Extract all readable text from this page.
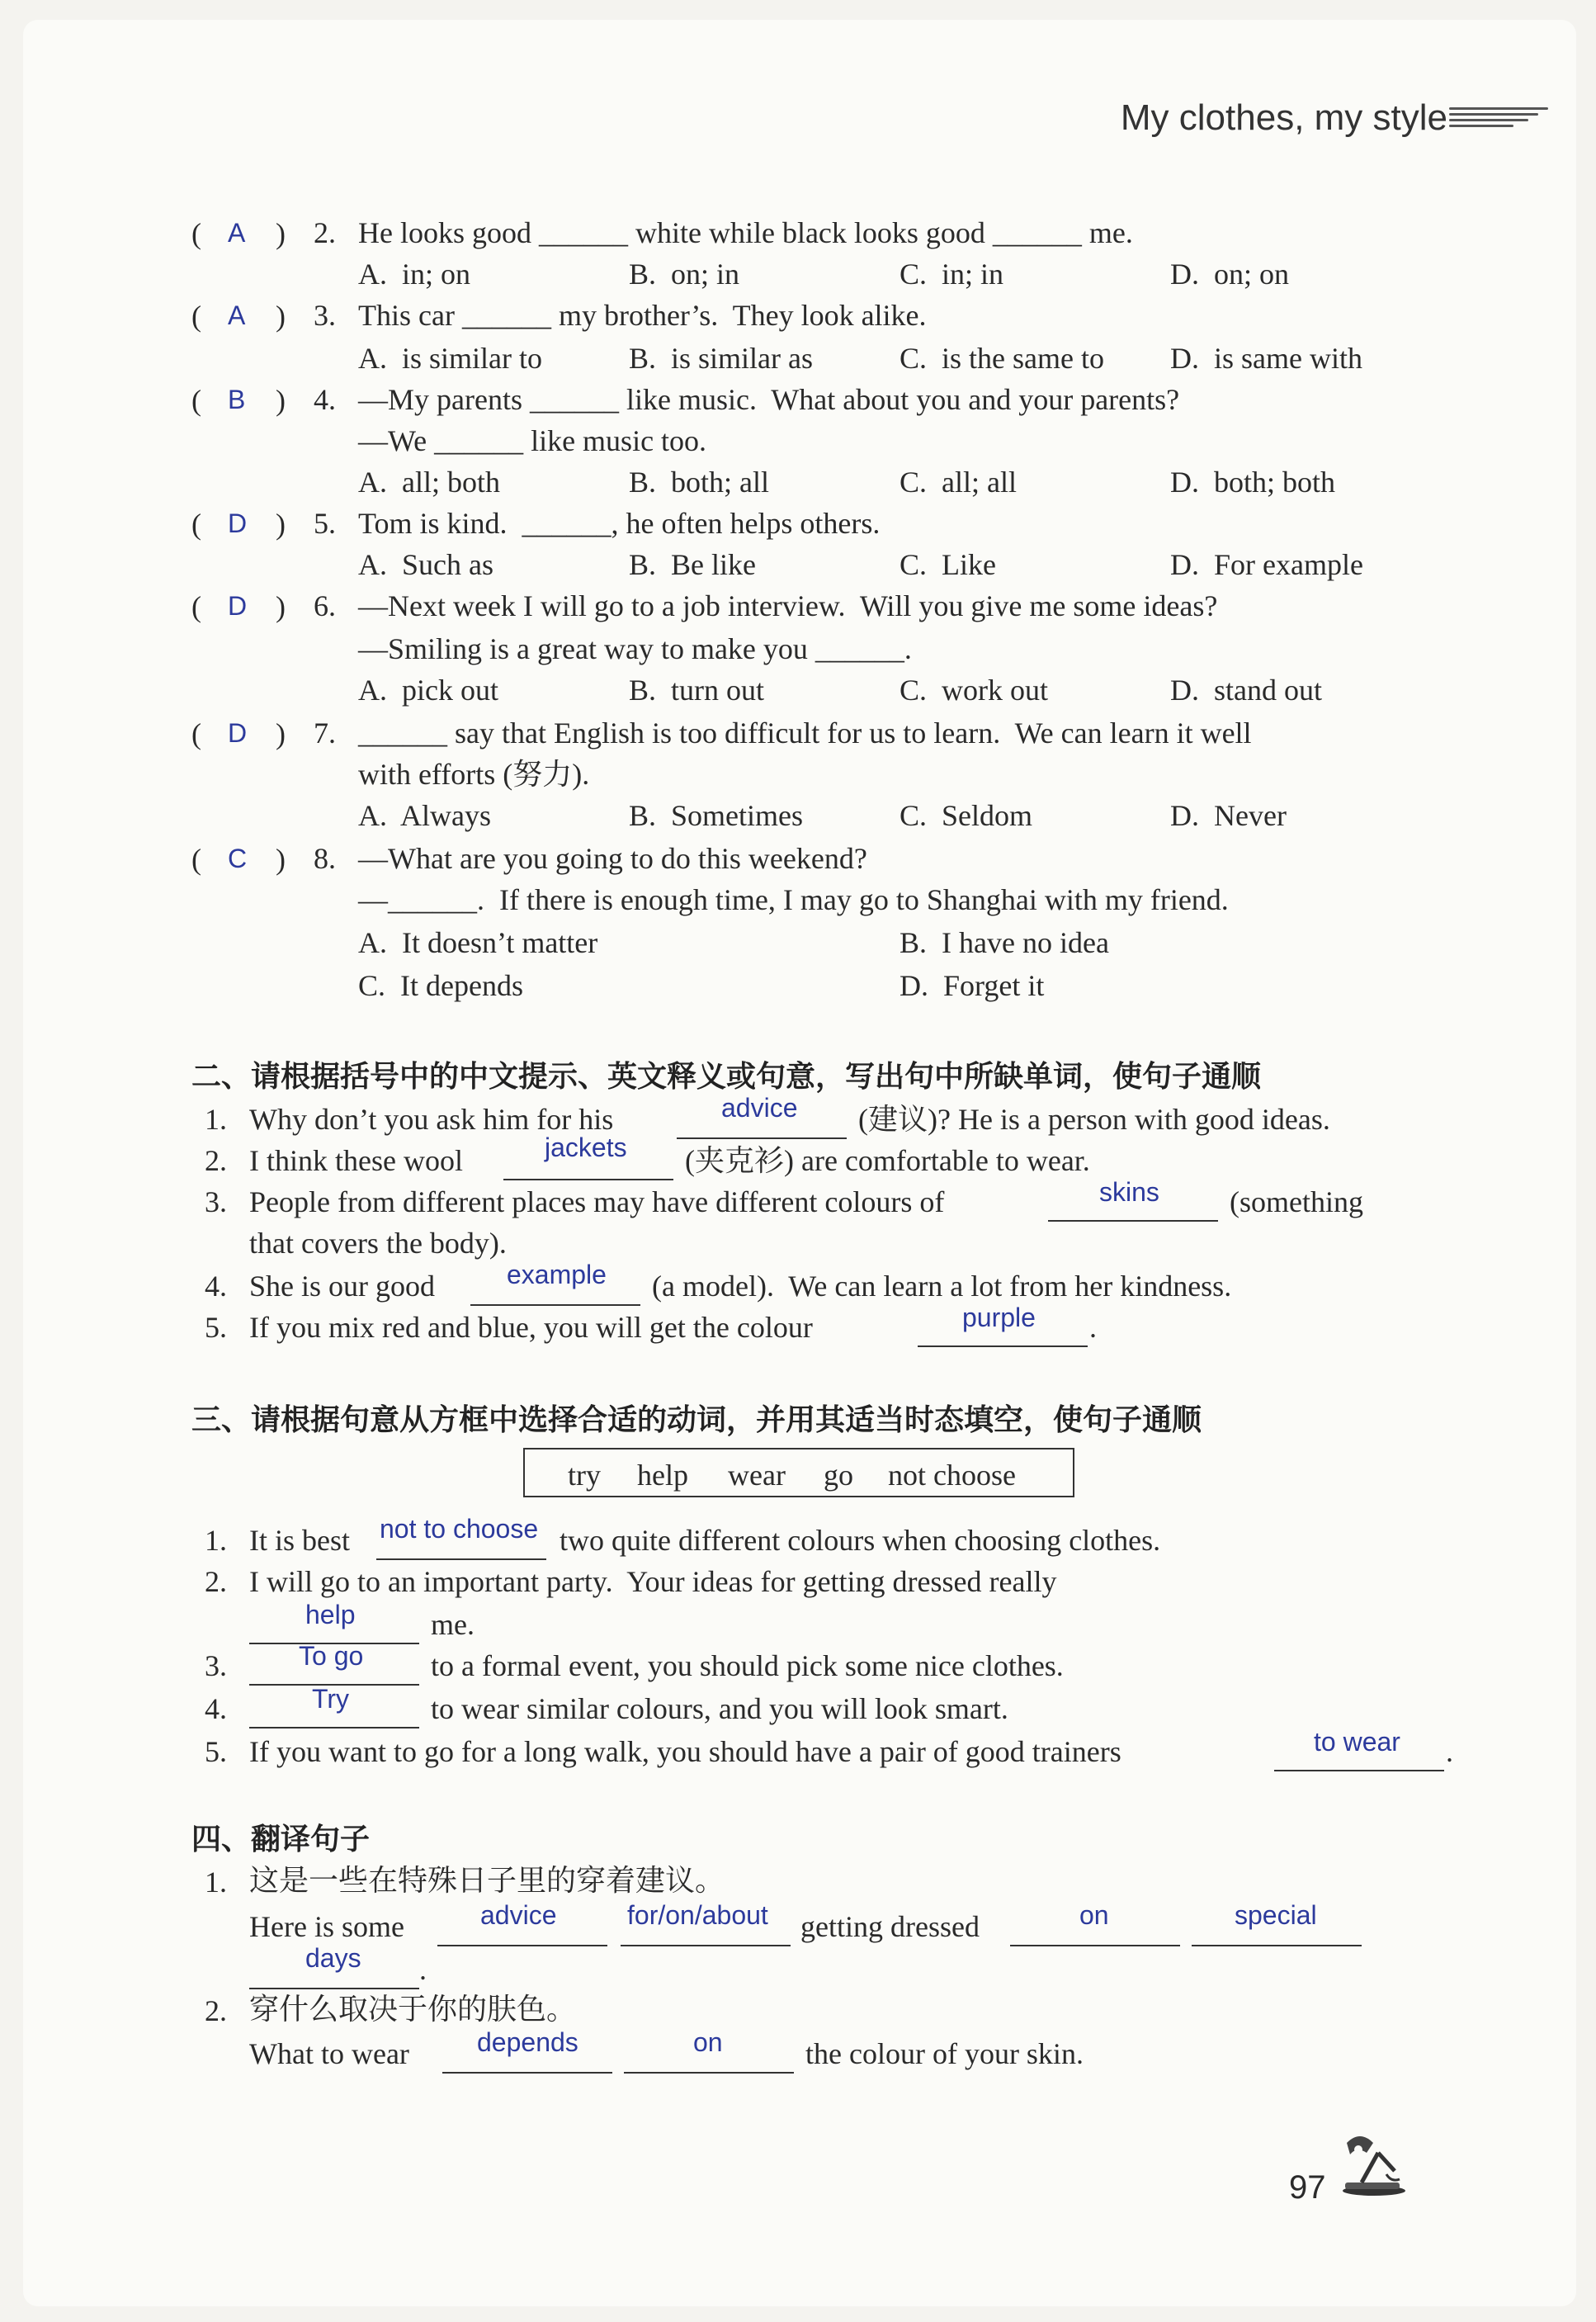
My clothes, my style
( A ) 2. He looks good ______ white while black looks good ______ me.
A.  in; on	B.  on; in	C.  in; in	D.  on; on
( A ) 3. This car ______ my brother’s.  They look alike.
A.  is similar to	B.  is similar as	C.  is the same to D.  is same with
( B ) 4. —My parents ______ like music.  What about you and your parents?
—We ______ like music too.
A.  all; both	B.  both; all	C.  all; all	D.  both; both
( D ) 5. Tom is kind.  ______, he often helps others.
A.  Such as	B.  Be like	C.  Like	D.  For example
( D ) 6. —Next week I will go to a job interview.  Will you give me some ideas?
—Smiling is a great way to make you ______.
A.  pick out	B.  turn out	C.  work out	D.  stand out
( D ) 7. ______ say that English is too difficult for us to learn.  We can learn it well
with efforts (努力).
A.  Always	B.  Sometimes	C.  Seldom	D.  Never
( C ) 8. —What are you going to do this weekend?
—______.  If there is enough time, I may go to Shanghai with my friend.
A.  It doesn’t matter	B.  I have no idea
C.  It depends	D.  Forget it
二、请根据括号中的中文提示、英文释义或句意，写出句中所缺单词，使句子通顺
1. Why don’t you ask him for his	advice (建议)? He is a person with good ideas.
2. I think these wool	jackets (夹克衫) are comfortable to wear.
3. People from different places may have different colours of	skins (something
that covers the body).
4. She is our good	example (a model).  We can learn a lot from her kindness.
5. If you mix red and blue, you will get the colour	purple .
三、请根据句意从方框中选择合适的动词，并用其适当时态填空，使句子通顺
try help wear go not choose
1. It is best not to choose two quite different colours when choosing clothes.
2. I will go to an important party.  Your ideas for getting dressed really
help	me.
3.	To go to a formal event, you should pick some nice clothes.
4.	Try	to wear similar colours, and you will look smart.
5. If you want to go for a long walk, you should have a pair of good trainers	to wear .
四、翻译句子
1. 这是一些在特殊日子里的穿着建议。
Here is some	advice	for/on/about getting dressed	on	special
days .
2. 穿什么取决于你的肤色。
What to wear	depends	on	the colour of your skin.
97
